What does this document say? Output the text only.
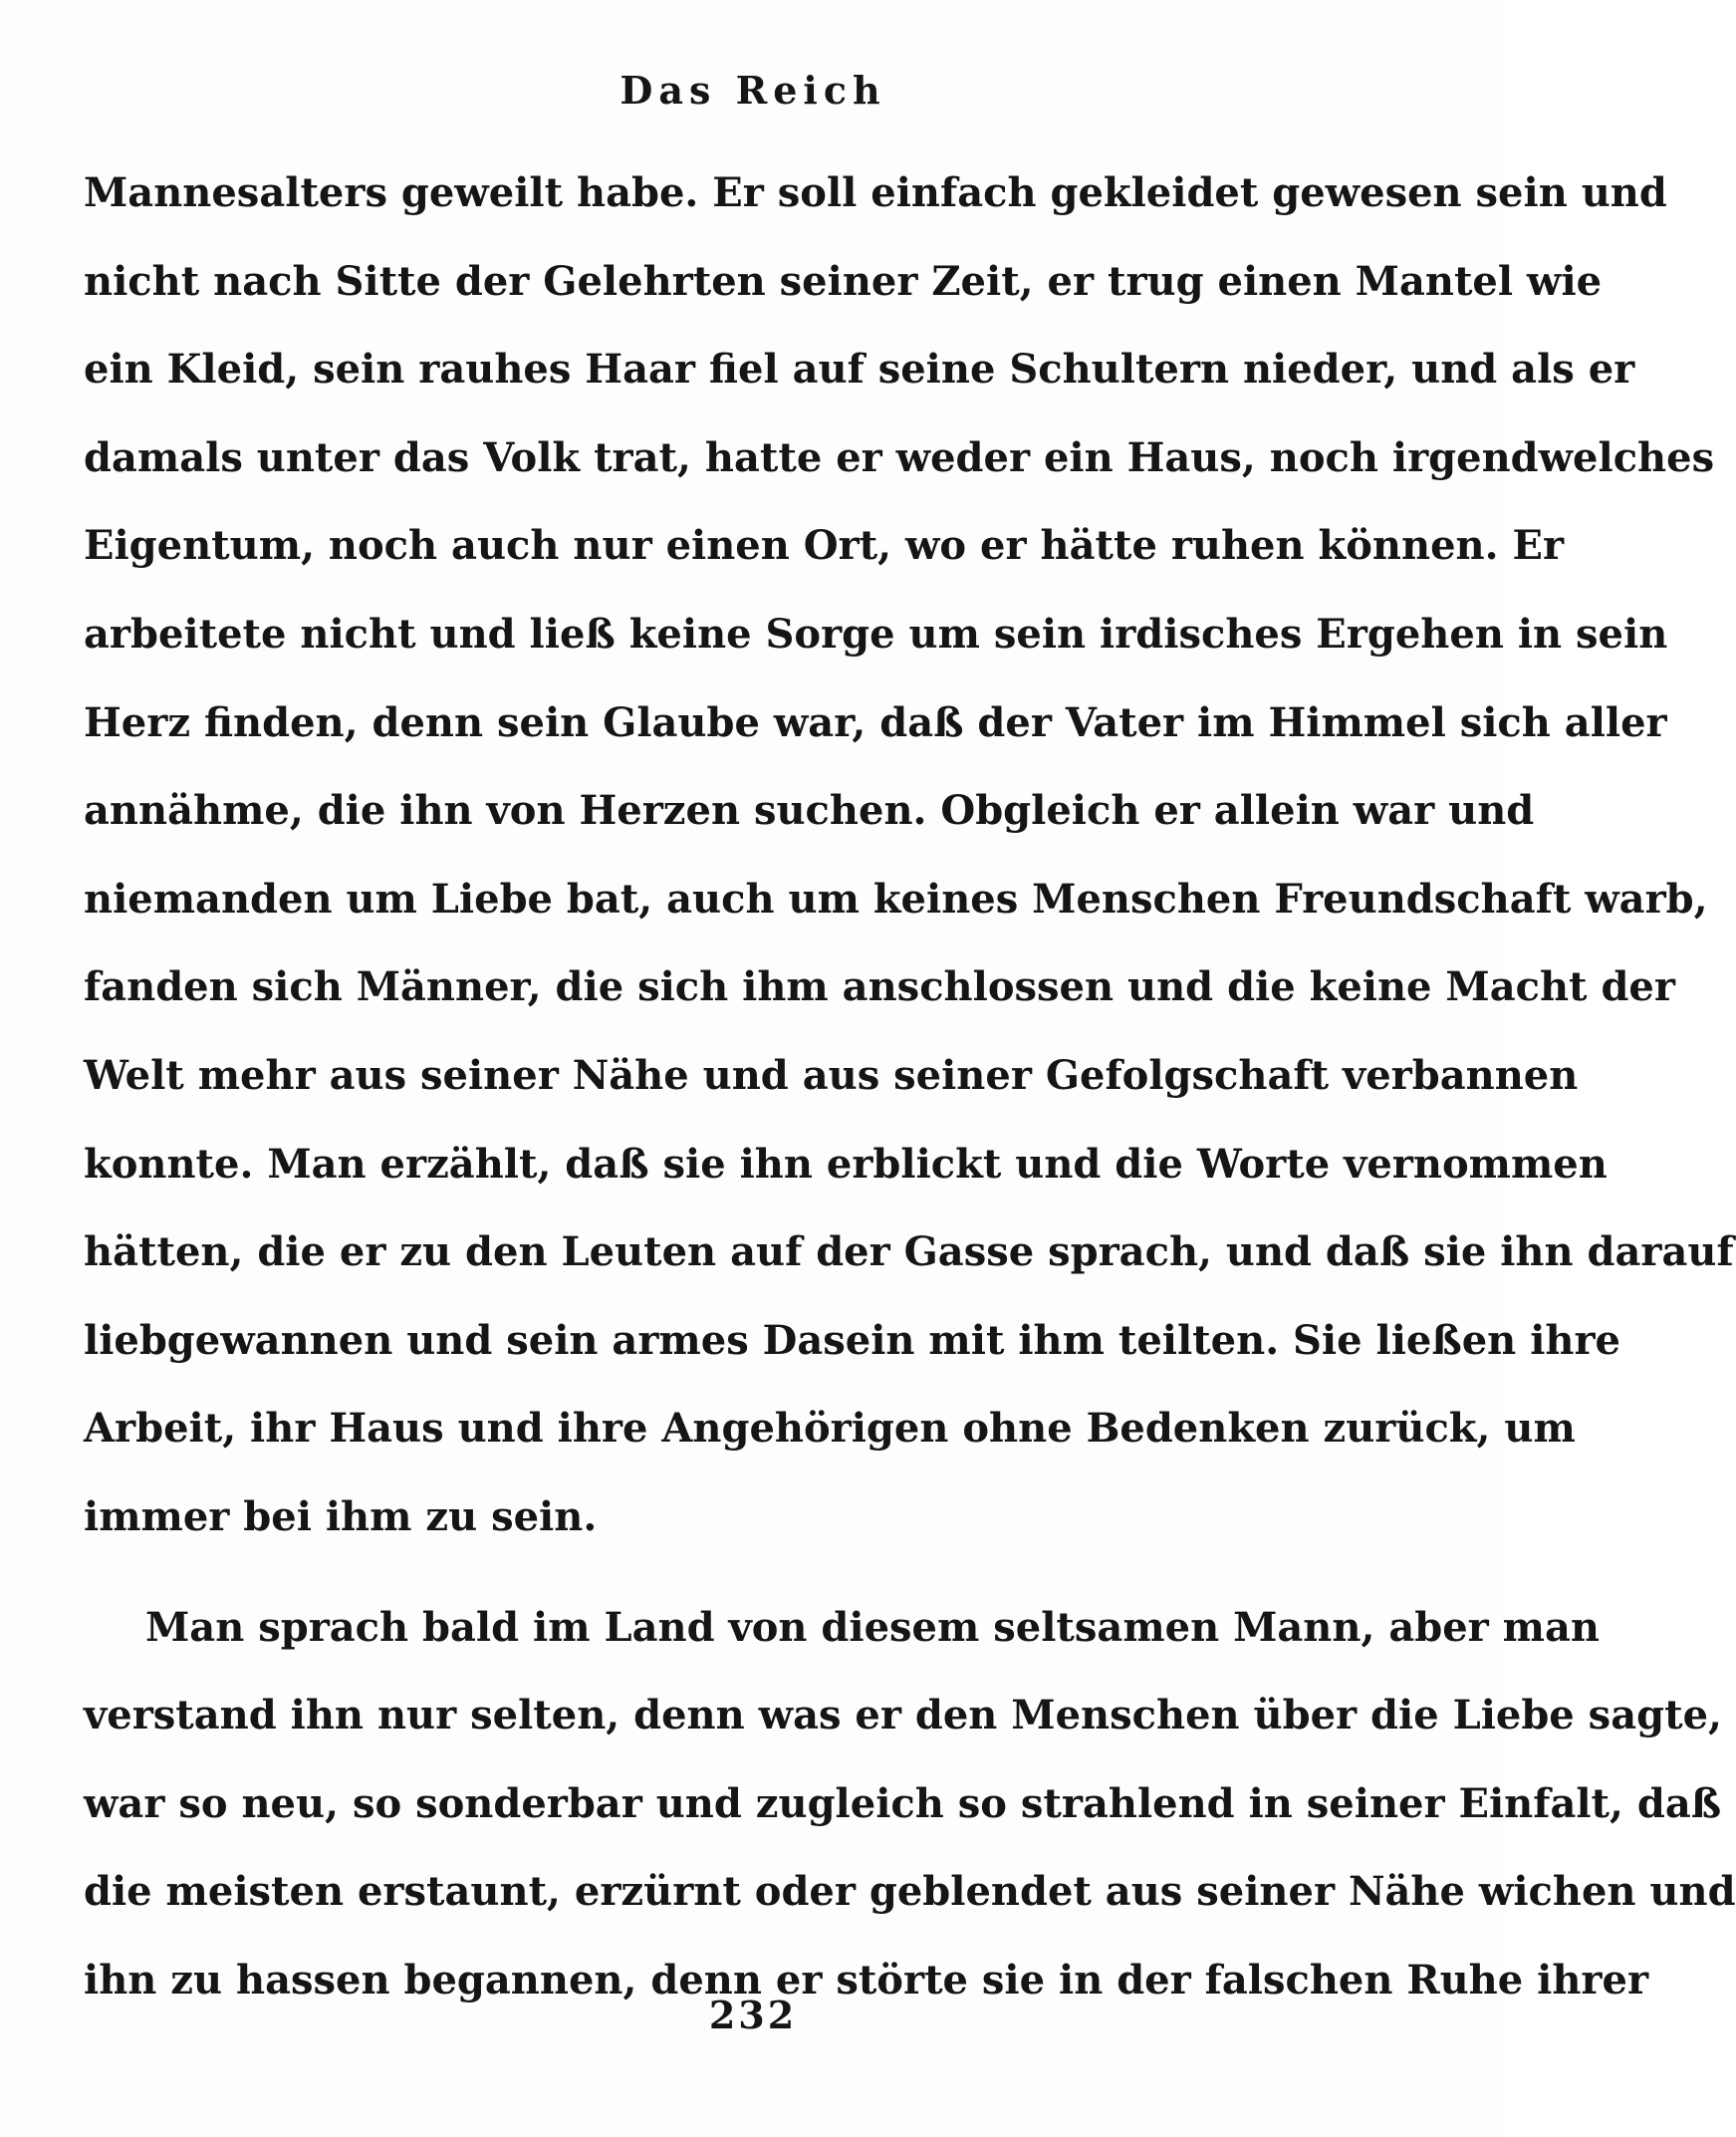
Das Reich
Mannesalters geweilt habe. Er soll einfach gekleidet gewesen sein und
nicht nach Sitte der Gelehrten seiner Zeit, er trug einen Mantel wie
ein Kleid, sein rauhes Haar fiel auf seine Schultern nieder, und als er
damals unter das Volk trat, hatte er weder ein Haus, noch irgendwelches
Eigentum, noch auch nur einen Ort, wo er hätte ruhen können. Er
arbeitete nicht und ließ keine Sorge um sein irdisches Ergehen in sein
Herz finden, denn sein Glaube war, daß der Vater im Himmel sich aller
annähme, die ihn von Herzen suchen. Obgleich er allein war und
niemanden um Liebe bat, auch um keines Menschen Freundschaft warb,
fanden sich Männer, die sich ihm anschlossen und die keine Macht der
Welt mehr aus seiner Nähe und aus seiner Gefolgschaft verbannen
konnte. Man erzählt, daß sie ihn erblickt und die Worte vernommen
hätten, die er zu den Leuten auf der Gasse sprach, und daß sie ihn darauf
liebgewannen und sein armes Dasein mit ihm teilten. Sie ließen ihre
Arbeit, ihr Haus und ihre Angehörigen ohne Bedenken zurück, um
immer bei ihm zu sein.
Man sprach bald im Land von diesem seltsamen Mann, aber man
verstand ihn nur selten, denn was er den Menschen über die Liebe sagte,
war so neu, so sonderbar und zugleich so strahlend in seiner Einfalt, daß
die meisten erstaunt, erzürnt oder geblendet aus seiner Nähe wichen und
ihn zu hassen begannen, denn er störte sie in der falschen Ruhe ihrer
232
